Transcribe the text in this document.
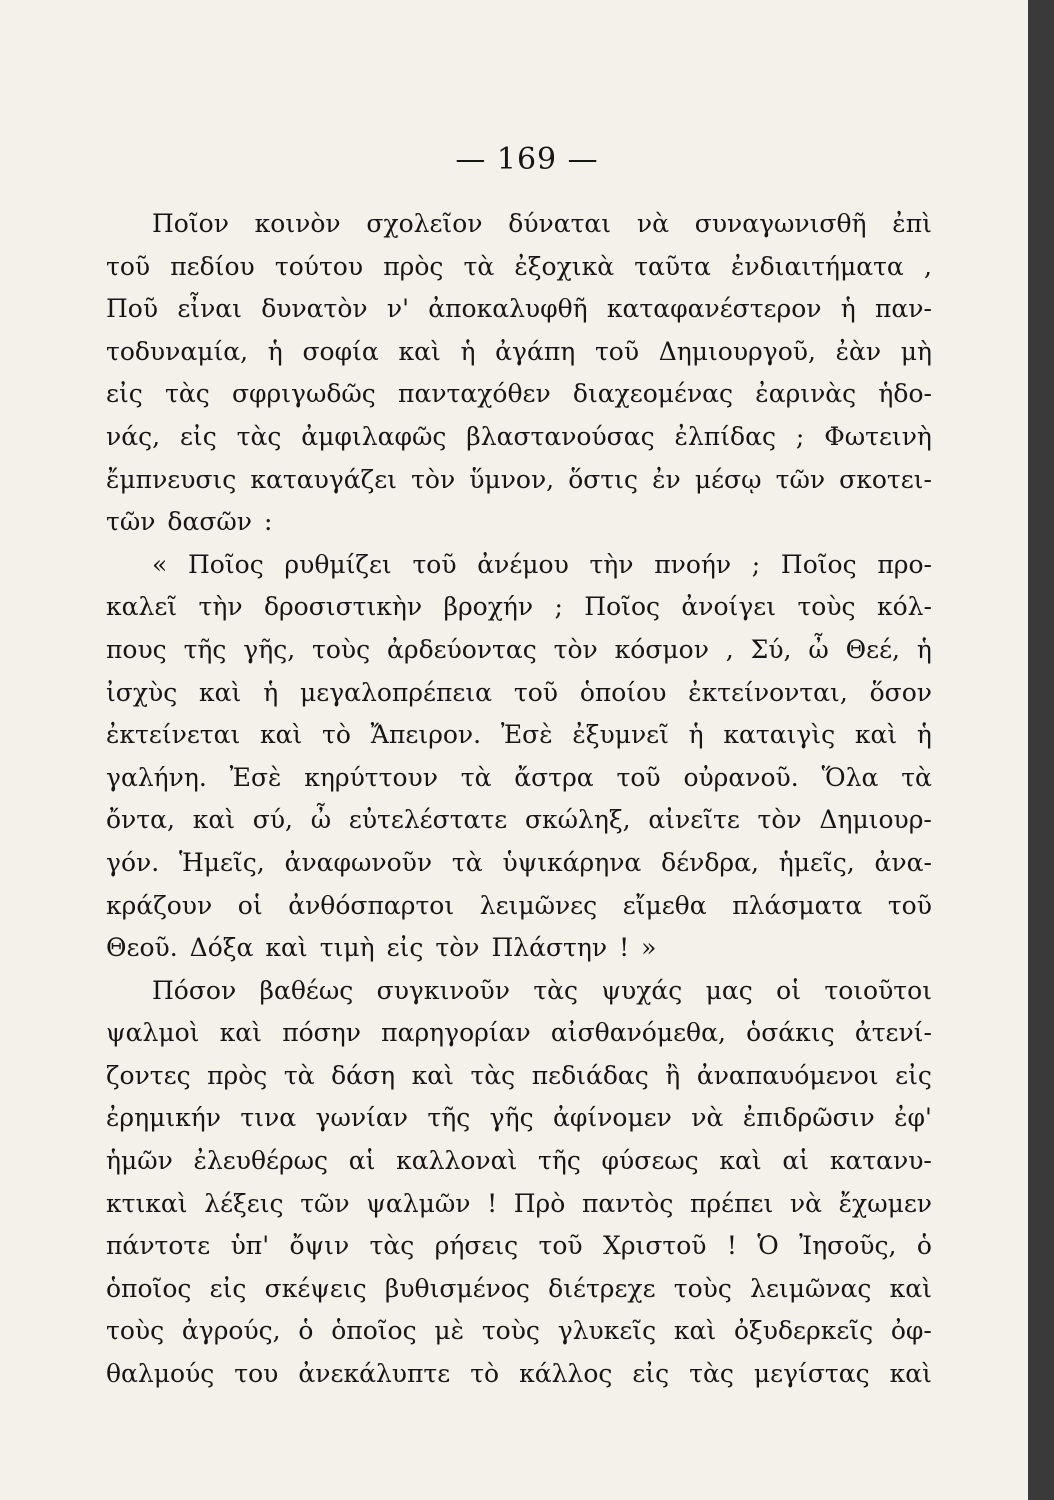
— 169 —
Ποῖον κοινὸν σχολεῖον δύναται νὰ συναγωνισθῆ ἐπὶ
τοῦ πεδίου τούτου πρὸς τὰ ἐξοχικὰ ταῦτα ἐνδιαιτήματα ,
Ποῦ εἶναι δυνατὸν ν' ἀποκαλυφθῆ καταφανέστερον ἡ παν-
τοδυναμία, ἡ σοφία καὶ ἡ ἀγάπη τοῦ Δημιουργοῦ, ἐὰν μὴ
εἰς τὰς σφριγωδῶς πανταχόθεν διαχεομένας ἐαρινὰς ἡδο-
νάς, εἰς τὰς ἀμφιλαφῶς βλαστανούσας ἐλπίδας ; Φωτεινὴ
ἔμπνευσις καταυγάζει τὸν ὕμνον, ὅστις ἐν μέσῳ τῶν σκοτει-
τῶν δασῶν :
« Ποῖος ρυθμίζει τοῦ ἀνέμου τὴν πνοήν ; Ποῖος προ-
καλεῖ τὴν δροσιστικὴν βροχήν ; Ποῖος ἀνοίγει τοὺς κόλ-
πους τῆς γῆς, τοὺς ἀρδεύοντας τὸν κόσμον , Σύ, ὦ Θεέ, ἡ
ἰσχὺς καὶ ἡ μεγαλοπρέπεια τοῦ ὁποίου ἐκτείνονται, ὅσον
ἐκτείνεται καὶ τὸ Ἄπειρον. Ἐσὲ ἐξυμνεῖ ἡ καταιγὶς καὶ ἡ
γαλήνη. Ἐσὲ κηρύττουν τὰ ἄστρα τοῦ οὐρανοῦ. Ὅλα τὰ
ὄντα, καὶ σύ, ὦ εὐτελέστατε σκώληξ, αἰνεῖτε τὸν Δημιουρ-
γόν. Ἡμεῖς, ἀναφωνοῦν τὰ ὑψικάρηνα δένδρα, ἡμεῖς, ἀνα-
κράζουν οἱ ἀνθόσπαρτοι λειμῶνες εἴμεθα πλάσματα τοῦ
Θεοῦ. Δόξα καὶ τιμὴ εἰς τὸν Πλάστην ! »
Πόσον βαθέως συγκινοῦν τὰς ψυχάς μας οἱ τοιοῦτοι
ψαλμοὶ καὶ πόσην παρηγορίαν αἰσθανόμεθα, ὁσάκις ἀτενί-
ζοντες πρὸς τὰ δάση καὶ τὰς πεδιάδας ἢ ἀναπαυόμενοι εἰς
ἐρημικήν τινα γωνίαν τῆς γῆς ἀφίνομεν νὰ ἐπιδρῶσιν ἐφ'
ἡμῶν ἐλευθέρως αἱ καλλοναὶ τῆς φύσεως καὶ αἱ κατανυ-
κτικαὶ λέξεις τῶν ψαλμῶν ! Πρὸ παντὸς πρέπει νὰ ἔχωμεν
πάντοτε ὑπ' ὄψιν τὰς ρήσεις τοῦ Χριστοῦ ! Ὁ Ἰησοῦς, ὁ
ὁποῖος εἰς σκέψεις βυθισμένος διέτρεχε τοὺς λειμῶνας καὶ
τοὺς ἀγρούς, ὁ ὁποῖος μὲ τοὺς γλυκεῖς καὶ ὀξυδερκεῖς ὀφ-
θαλμούς του ἀνεκάλυπτε τὸ κάλλος εἰς τὰς μεγίστας καὶ
